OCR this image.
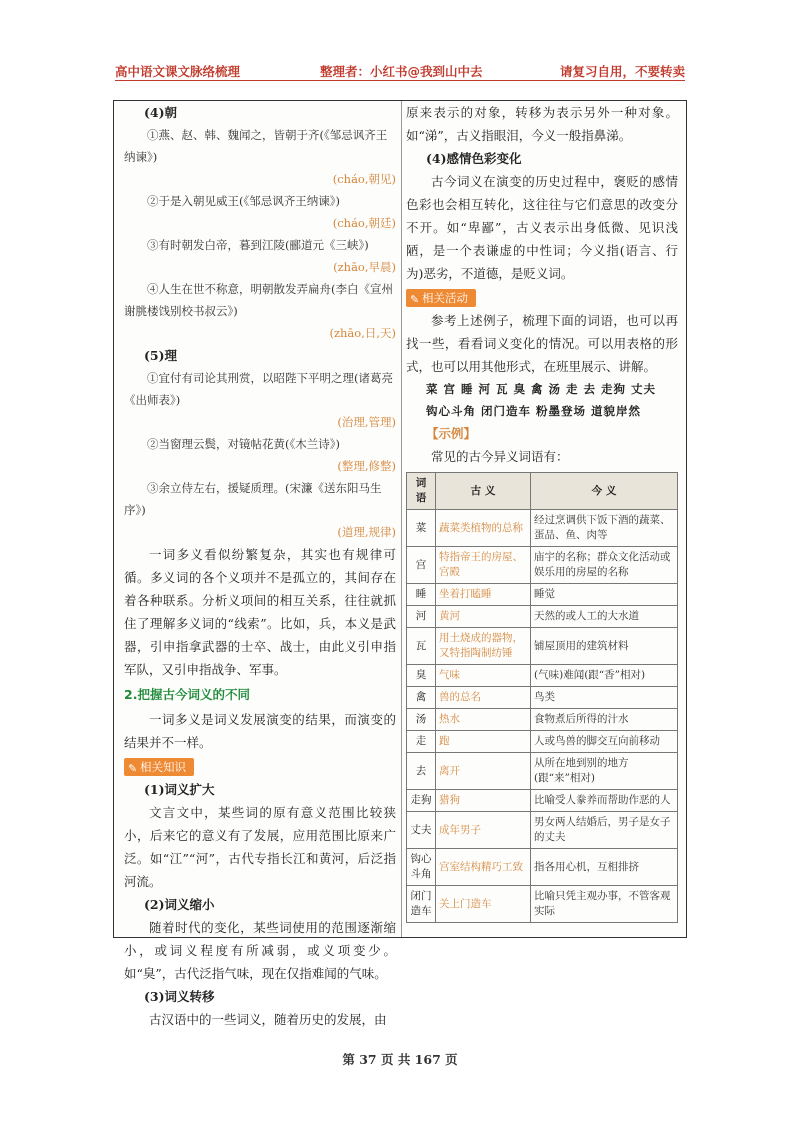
高中语文课文脉络梳理	整理者：小红书@我到山中去	请复习自用，不要转卖

(4)朝

①燕、赵、韩、魏闻之，皆朝于齐(《邹忌讽齐王纳谏》)

(cháo,朝见)

②于是入朝见威王(《邹忌讽齐王纳谏》)

(cháo,朝廷)

③有时朝发白帝，暮到江陵(郦道元《三峡》)

(zhāo,早晨)

④人生在世不称意，明朝散发弄扁舟(李白《宣州谢朓楼饯别校书叔云》)

(zhāo,日,天)

(5)理

①宜付有司论其刑赏，以昭陛下平明之理(诸葛亮《出师表》)

(治理,管理)

②当窗理云鬓，对镜帖花黄(《木兰诗》)

(整理,修整)

③余立侍左右，援疑质理。(宋濂《送东阳马生序》)

(道理,规律)

一词多义看似纷繁复杂，其实也有规律可循。多义词的各个义项并不是孤立的，其间存在着各种联系。分析义项间的相互关系，往往就抓住了理解多义词的“线索”。比如，兵，本义是武器，引申指拿武器的士卒、战士，由此义引申指军队，又引申指战争、军事。

2.把握古今词义的不同

一词多义是词义发展演变的结果，而演变的结果并不一样。

✎ 相关知识

(1)词义扩大

文言文中，某些词的原有意义范围比较狭小，后来它的意义有了发展，应用范围比原来广泛。如“江”“河”，古代专指长江和黄河，后泛指河流。

(2)词义缩小

随着时代的变化，某些词使用的范围逐渐缩小，或词义程度有所减弱，或义项变少。如“臭”，古代泛指气味，现在仅指难闻的气味。

(3)词义转移

古汉语中的一些词义，随着历史的发展，由

原来表示的对象，转移为表示另外一种对象。如“涕”，古义指眼泪，今义一般指鼻涕。

(4)感情色彩变化

古今词义在演变的历史过程中，褒贬的感情色彩也会相互转化，这往往与它们意思的改变分不开。如“卑鄙”，古义表示出身低微、见识浅陋，是一个表谦虚的中性词；今义指(语言、行为)恶劣，不道德，是贬义词。

✎ 相关活动

参考上述例子，梳理下面的词语，也可以再找一些，看看词义变化的情况。可以用表格的形式，也可以用其他形式，在班里展示、讲解。

菜 宫 睡 河 瓦 臭 禽 汤 走 去 走狗 丈夫

钩心斗角 闭门造车 粉墨登场 道貌岸然

【示例】

常见的古今异义词语有：

词 语	古 义	今 义
菜	蔬菜类植物的总称	经过烹调供下饭下酒的蔬菜、蛋品、鱼、肉等
宫	特指帝王的房屋、宫殿	庙宇的名称；群众文化活动或娱乐用的房屋的名称
睡	坐着打瞌睡	睡觉
河	黄河	天然的或人工的大水道
瓦	用土烧成的器物，又特指陶制纺锤	铺屋顶用的建筑材料
臭	气味	(气味)难闻(跟“香”相对)
禽	兽的总名	鸟类
汤	热水	食物煮后所得的汁水
走	跑	人或鸟兽的脚交互向前移动
去	离开	从所在地到别的地方(跟“来”相对)
走狗	猎狗	比喻受人豢养而帮助作恶的人
丈夫	成年男子	男女两人结婚后，男子是女子的丈夫
钩心斗角	宫室结构精巧工致	指各用心机，互相排挤
闭门造车	关上门造车	比喻只凭主观办事，不管客观实际
第 37 页 共 167 页
